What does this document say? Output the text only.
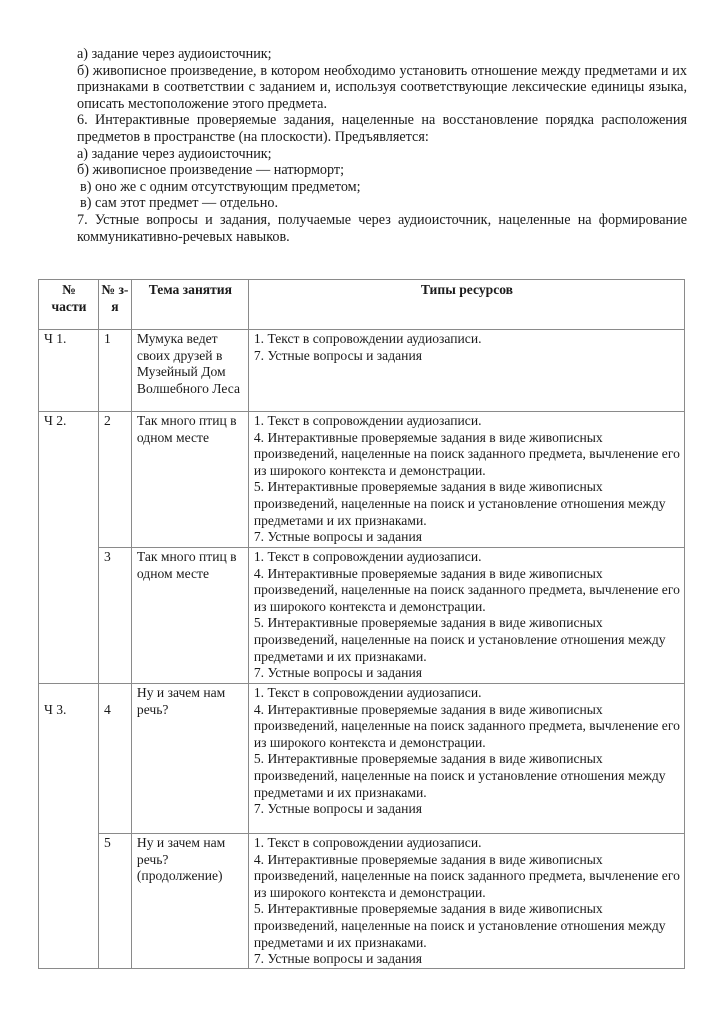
а) задание через аудиоисточник;

б) живописное произведение, в котором необходимо установить отношение между предметами и их признаками в соответствии с заданием и, используя соответствующие лексические единицы языка, описать местоположение этого предмета.

6. Интерактивные проверяемые задания, нацеленные на восстановление порядка расположения предметов в пространстве (на плоскости). Предъявляется:

а) задание через аудиоисточник;

б) живописное произведение — натюрморт;

в) оно же с одним отсутствующим предметом;

в) сам этот предмет — отдельно.

7. Устные вопросы и задания, получаемые через аудиоисточник, нацеленные на формирование коммуникативно-речевых навыков.

№ части	№ з-я	Тема занятия	Типы ресурсов
Ч 1.	1	Мумука ведет своих друзей в Музейный Дом Волшебного Леса	1. Текст в сопровождении аудиозаписи.
7. Устные вопросы и задания

Ч 2.	2	Так много птиц в одном месте	1. Текст в сопровождении аудиозаписи.
4. Интерактивные проверяемые задания в виде живописных произведений, нацеленные на поиск заданного предмета, вычленение его из широкого контекста и демонстрации.
5. Интерактивные проверяемые задания в виде живописных произведений, нацеленные на поиск и установление отношения между предметами и их признаками.
7. Устные вопросы и задания

	3	Так много птиц в одном месте	1. Текст в сопровождении аудиозаписи.
4. Интерактивные проверяемые задания в виде живописных произведений, нацеленные на поиск заданного предмета, вычленение его из широкого контекста и демонстрации.
5. Интерактивные проверяемые задания в виде живописных произведений, нацеленные на поиск и установление отношения между предметами и их признаками.
7. Устные вопросы и задания

Ч 3.	4	Ну и зачем нам речь?	1. Текст в сопровождении аудиозаписи.
4. Интерактивные проверяемые задания в виде живописных произведений, нацеленные на поиск заданного предмета, вычленение его из широкого контекста и демонстрации.
5. Интерактивные проверяемые задания в виде живописных произведений, нацеленные на поиск и установление отношения между предметами и их признаками.
7. Устные вопросы и задания

	5	Ну и зачем нам речь? (продолжение)	1. Текст в сопровождении аудиозаписи.
4. Интерактивные проверяемые задания в виде живописных произведений, нацеленные на поиск заданного предмета, вычленение его из широкого контекста и демонстрации.
5. Интерактивные проверяемые задания в виде живописных произведений, нацеленные на поиск и установление отношения между предметами и их признаками.
7. Устные вопросы и задания
